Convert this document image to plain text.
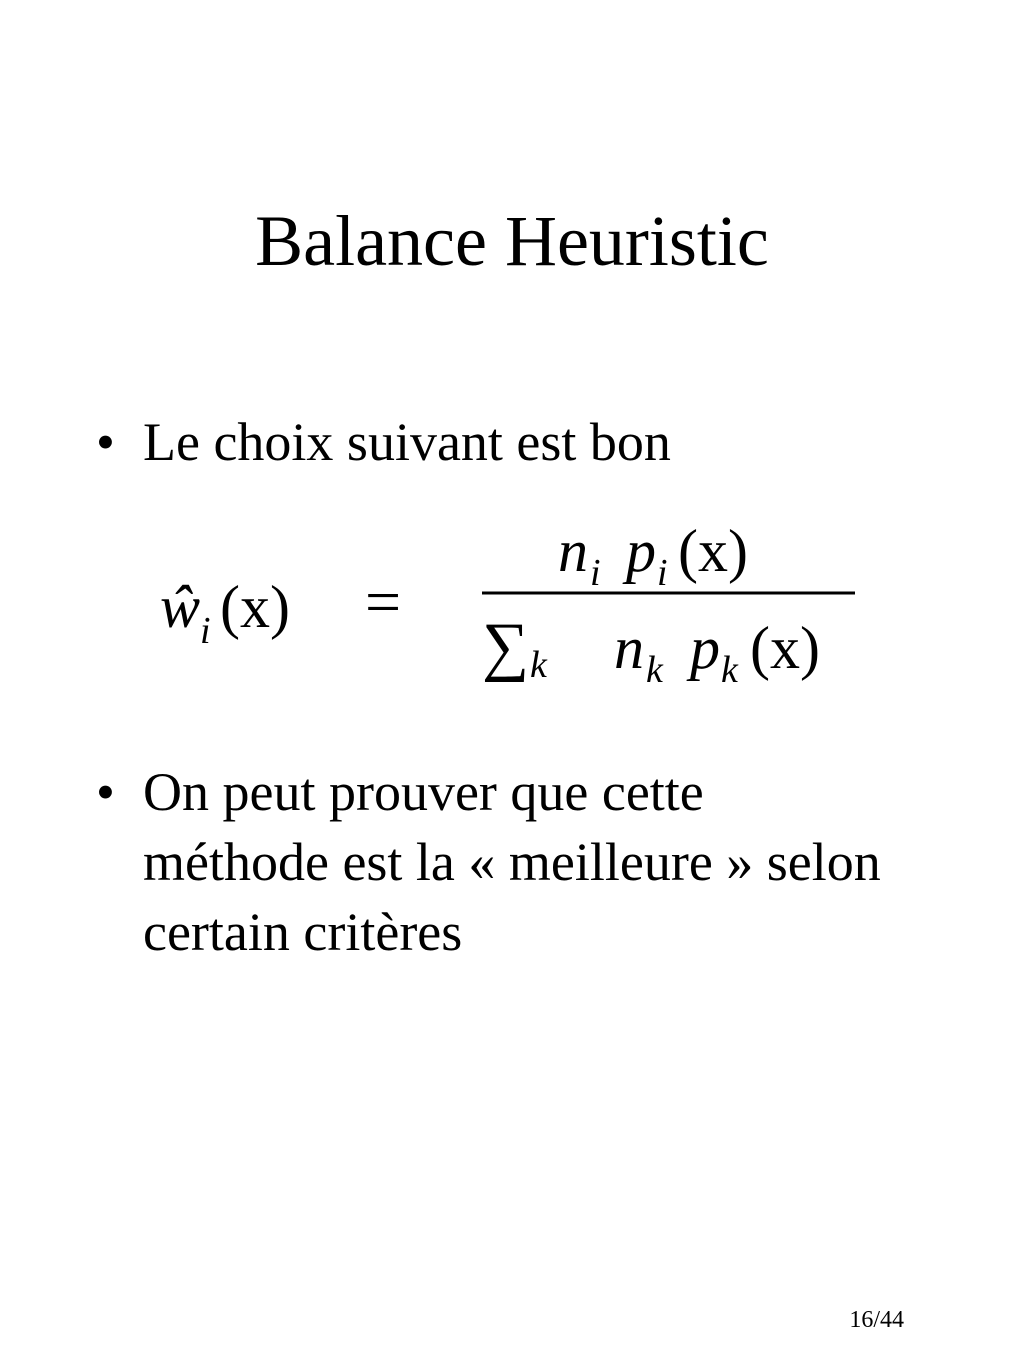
Balance Heuristic
• Le choix suivant est bon
ŵ i (x) =
n i p i (x)
∑ k n k p k (x)
• On peut prouver que cette méthode est la « meilleure » selon certain critères
16/44
